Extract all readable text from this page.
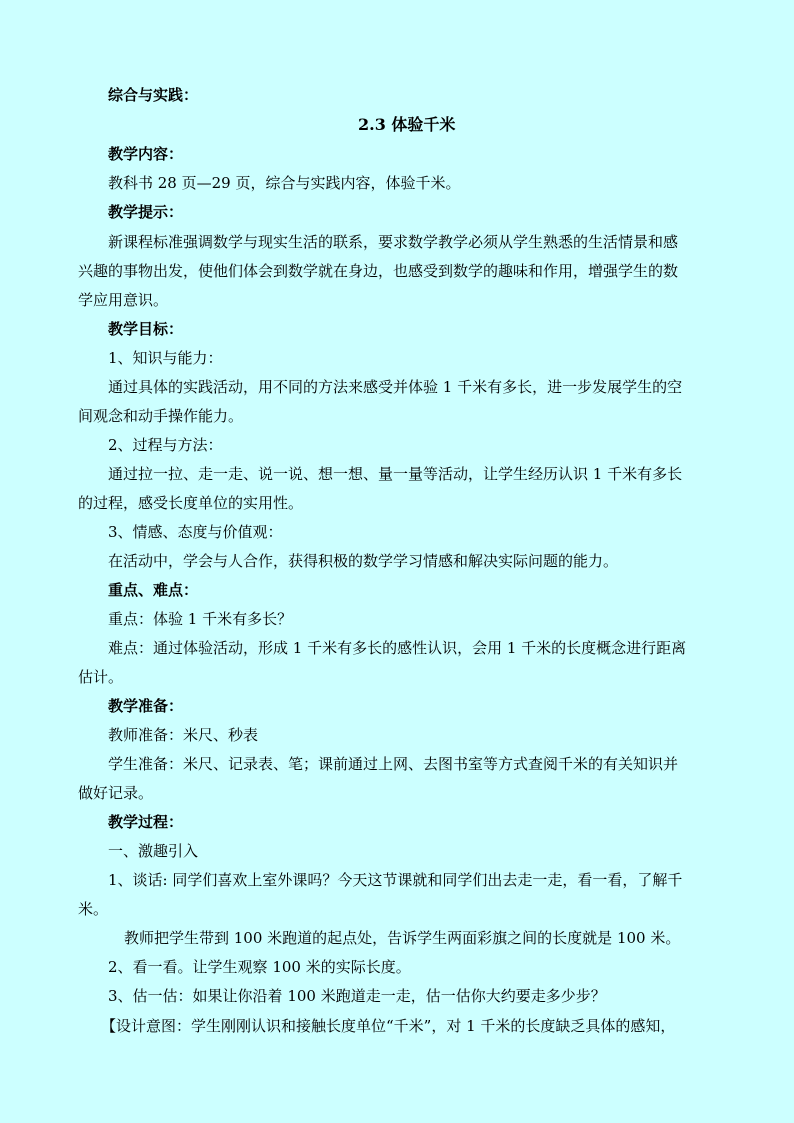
综合与实践：
2.3 体验千米
教学内容：
教科书 28 页—29 页，综合与实践内容，体验千米。
教学提示：
新课程标准强调数学与现实生活的联系，要求数学教学必须从学生熟悉的生活情景和感
兴趣的事物出发，使他们体会到数学就在身边，也感受到数学的趣味和作用，增强学生的数
学应用意识。
教学目标：
1、知识与能力：
通过具体的实践活动，用不同的方法来感受并体验 1 千米有多长，进一步发展学生的空
间观念和动手操作能力。
2、过程与方法：
通过拉一拉、走一走、说一说、想一想、量一量等活动，让学生经历认识 1 千米有多长
的过程，感受长度单位的实用性。
3、情感、态度与价值观：
在活动中，学会与人合作，获得积极的数学学习情感和解决实际问题的能力。
重点、难点：
重点：体验 1 千米有多长？
难点：通过体验活动，形成 1 千米有多长的感性认识，会用 1 千米的长度概念进行距离
估计。
教学准备：
教师准备：米尺、秒表
学生准备：米尺、记录表、笔；课前通过上网、去图书室等方式查阅千米的有关知识并
做好记录。
教学过程：
一、激趣引入
1、谈话: 同学们喜欢上室外课吗？今天这节课就和同学们出去走一走，看一看，了解千
米。
教师把学生带到 100 米跑道的起点处，告诉学生两面彩旗之间的长度就是 100 米。
2、看一看。让学生观察 100 米的实际长度。
3、估一估：如果让你沿着 100 米跑道走一走，估一估你大约要走多少步？
【设计意图：学生刚刚认识和接触长度单位“千米”，对 1 千米的长度缺乏具体的感知，
